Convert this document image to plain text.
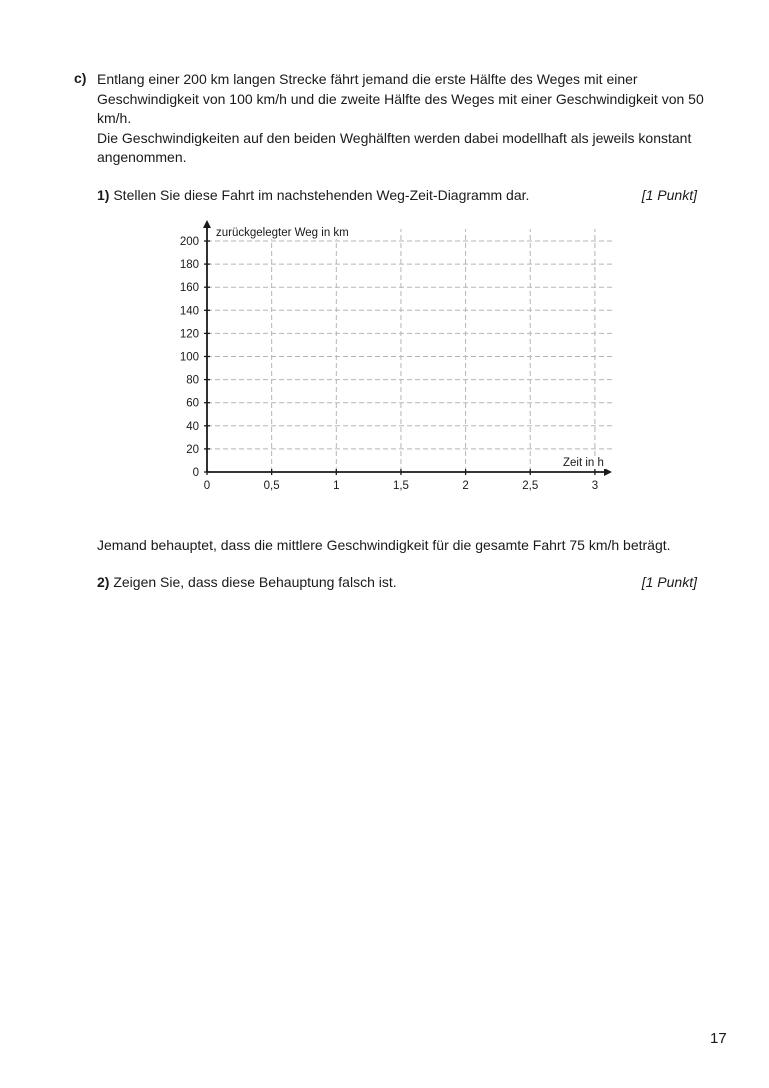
c) Entlang einer 200 km langen Strecke fährt jemand die erste Hälfte des Weges mit einer Geschwindigkeit von 100 km/h und die zweite Hälfte des Weges mit einer Geschwindigkeit von 50 km/h.

Die Geschwindigkeiten auf den beiden Weghälften werden dabei modellhaft als jeweils konstant angenommen.

1) Stellen Sie diese Fahrt im nachstehenden Weg-Zeit-Diagramm dar.	[1 Punkt]
0
20
40
60
80
100
120
140
160
180
200
0	0,5	1	1,5	2	2,5	3
zurückgelegter Weg in km
Zeit in h
Jemand behauptet, dass die mittlere Geschwindigkeit für die gesamte Fahrt 75 km/h beträgt.
2) Zeigen Sie, dass diese Behauptung falsch ist.	[1 Punkt]
17
